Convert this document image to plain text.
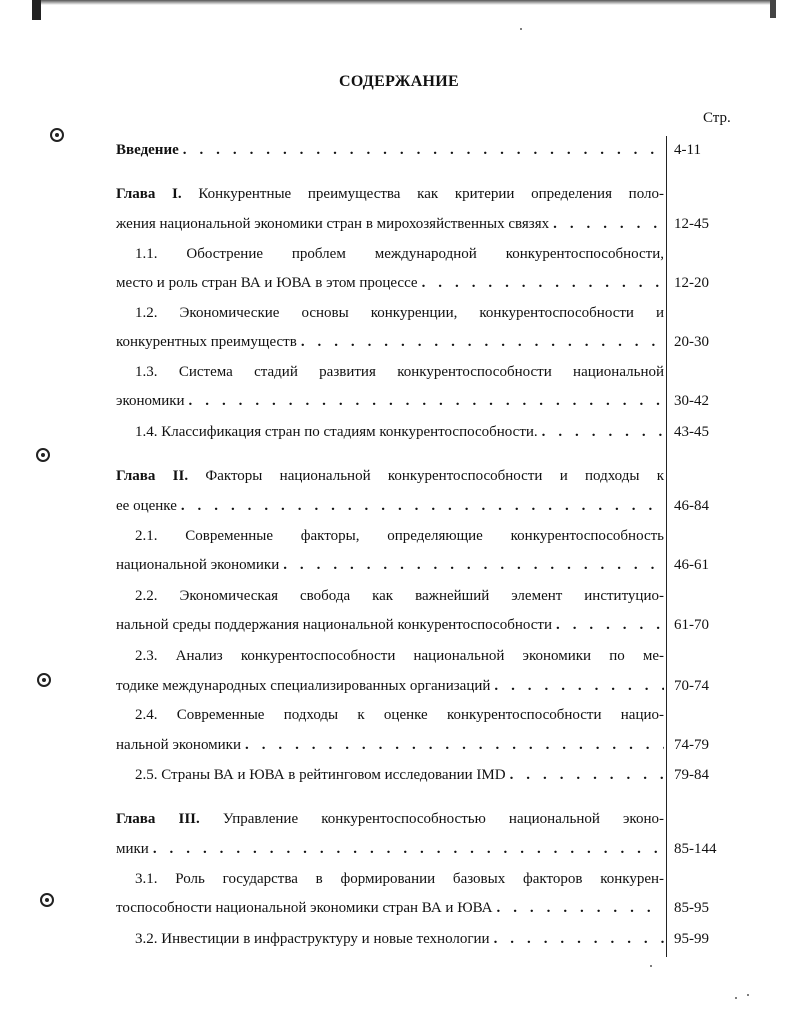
СОДЕРЖАНИЕ
Стр.
Введение . . .	4-11
Глава I. Конкурентные преимущества как критерии определения поло-
жения национальной экономики стран в мирохозяйственных связях . . .	12-45
1.1. Обострение проблем международной конкурентоспособности,
место и роль стран ВА и ЮВА в этом процессе . . .	12-20
1.2. Экономические основы конкуренции, конкурентоспособности и
конкурентных преимуществ . . .	20-30
1.3. Система стадий развития конкурентоспособности национальной
экономики . . .	30-42
1.4. Классификация стран по стадиям конкурентоспособности. . . .	43-45
Глава II. Факторы национальной конкурентоспособности и подходы к
ее оценке . . .	46-84
2.1. Современные факторы, определяющие конкурентоспособность
национальной экономики . . .	46-61
2.2. Экономическая свобода как важнейший элемент институцио-
нальной среды поддержания национальной конкурентоспособности . . .	61-70
2.3. Анализ конкурентоспособности национальной экономики по ме-
тодике международных специализированных организаций . . .	70-74
2.4. Современные подходы к оценке конкурентоспособности нацио-
нальной экономики . . .	74-79
2.5. Страны ВА и ЮВА в рейтинговом исследовании IMD . . .	79-84
Глава III. Управление конкурентоспособностью национальной эконо-
мики . . .	85-144
3.1. Роль государства в формировании базовых факторов конкурен-
тоспособности национальной экономики стран ВА и ЮВА . . .	85-95
3.2. Инвестиции в инфраструктуру и новые технологии . . .	95-99
